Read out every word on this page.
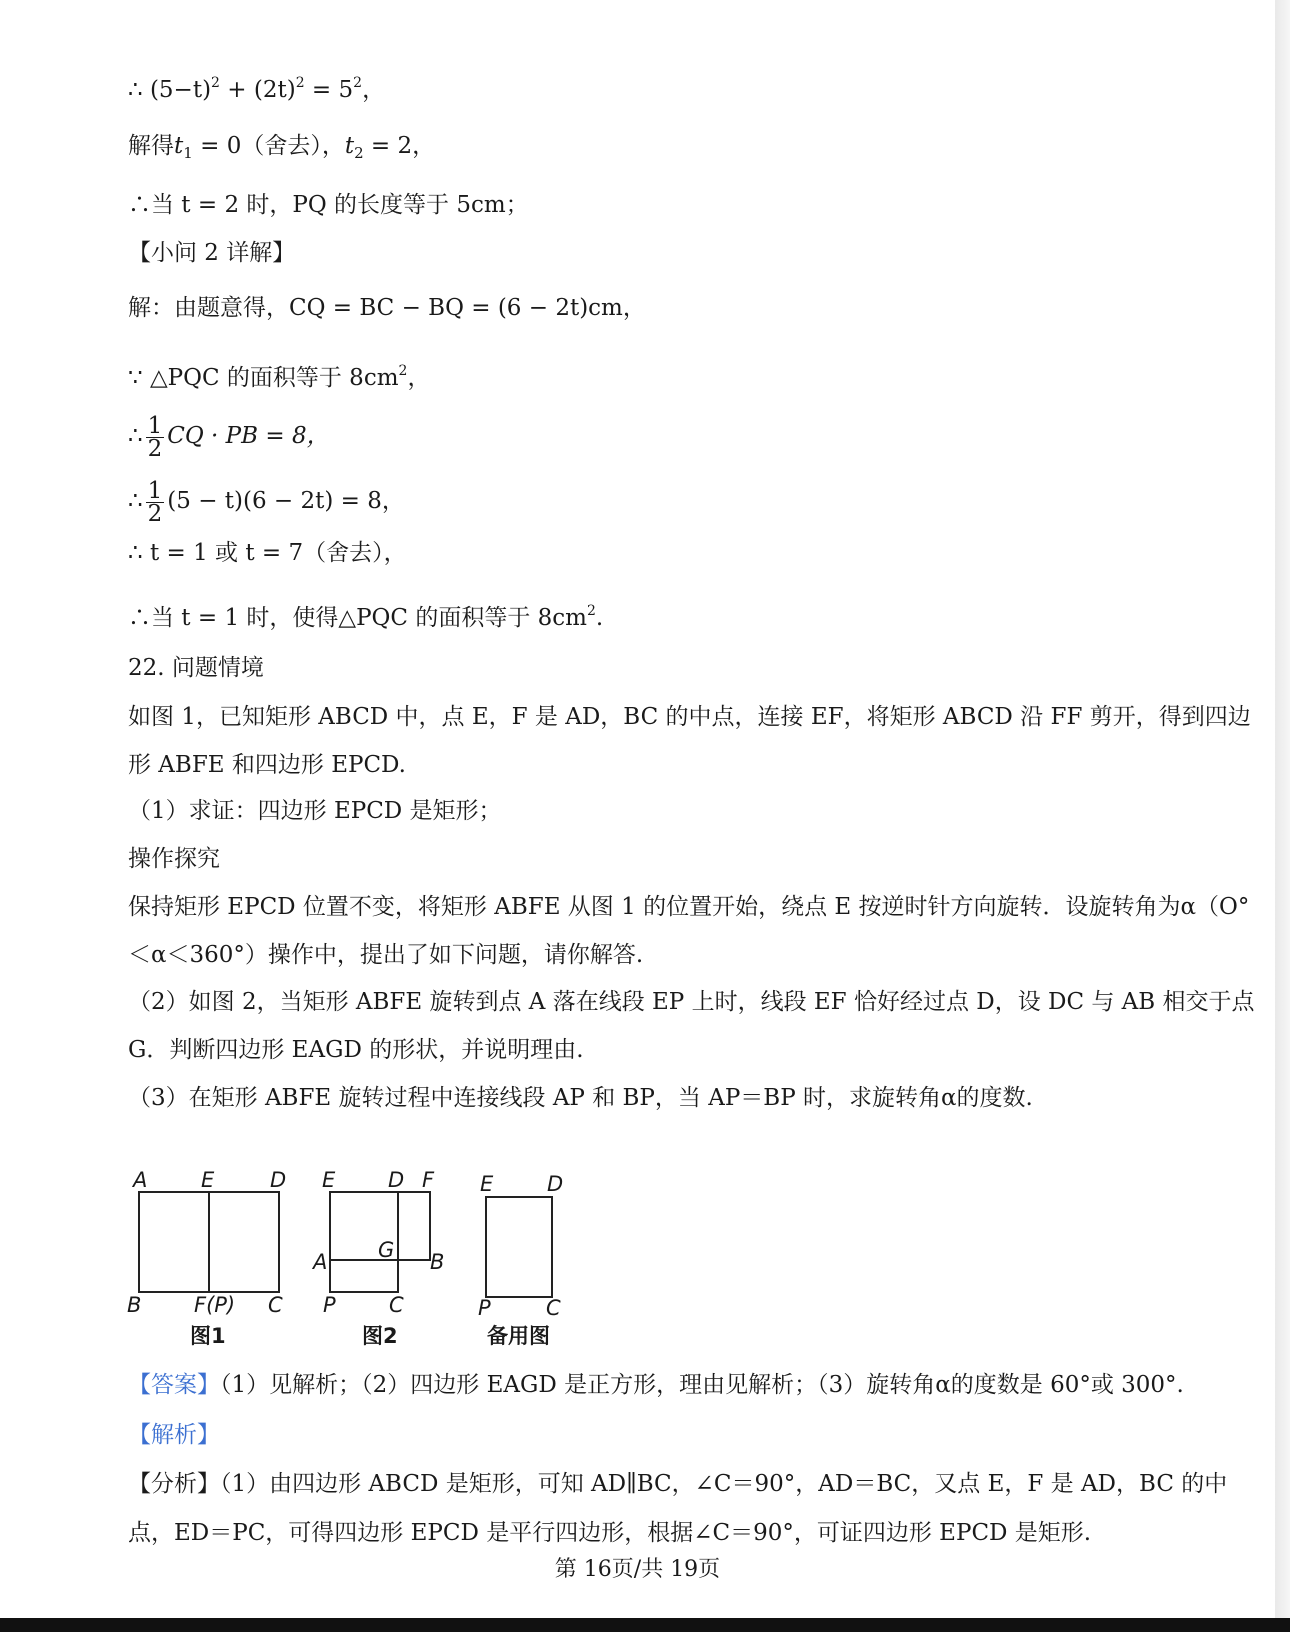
∴ $(5-t)^2 + (2t)^2 = 5^2$，
解得$t_1 = 0$（舍去），$t_2 = 2$，
∴当 t = 2 时，PQ 的长度等于 5cm；
【小问 2 详解】
解：由题意得，CQ = BC − BQ = (6 − 2t)cm，
∵ △PQC 的面积等于 $8cm^2$，
∴ $\frac{1}{2}$ CQ · PB = 8，
∴ $\frac{1}{2} (5 - t)(6 - 2t) = 8$，
∴ t = 1 或 t = 7（舍去），
∴当 t = 1 时，使得△PQC 的面积等于 $8cm^2$.
22. 问题情境
如图 1，已知矩形 ABCD 中，点 E，F 是 AD，BC 的中点，连接 EF，将矩形 ABCD 沿 FF 剪开，得到四边
形 ABFE 和四边形 EPCD.
（1）求证：四边形 EPCD 是矩形；
操作探究
保持矩形 EPCD 位置不变，将矩形 ABFE 从图 1 的位置开始，绕点 E 按逆时针方向旋转．设旋转角为α（O°
＜α＜360°）操作中，提出了如下问题，请你解答.
（2）如图 2，当矩形 ABFE 旋转到点 A 落在线段 EP 上时，线段 EF 恰好经过点 D，设 DC 与 AB 相交于点
G．判断四边形 EAGD 的形状，并说明理由.
（3）在矩形 ABFE 旋转过程中连接线段 AP 和 BP，当 AP＝BP 时，求旋转角α的度数.
A	E	D
B	F(P) C
图1
E	D F
A G B
P	C
图2
E	D
P	C
备用图
【答案】（1）见解析；（2）四边形 EAGD 是正方形，理由见解析；（3）旋转角α的度数是 60°或 300°.
【解析】
【分析】（1）由四边形 ABCD 是矩形，可知 AD∥BC，∠C＝90°，AD＝BC，又点 E，F 是 AD，BC 的中
点，ED＝PC，可得四边形 EPCD 是平行四边形，根据∠C＝90°，可证四边形 EPCD 是矩形.
第 16页/共 19页
